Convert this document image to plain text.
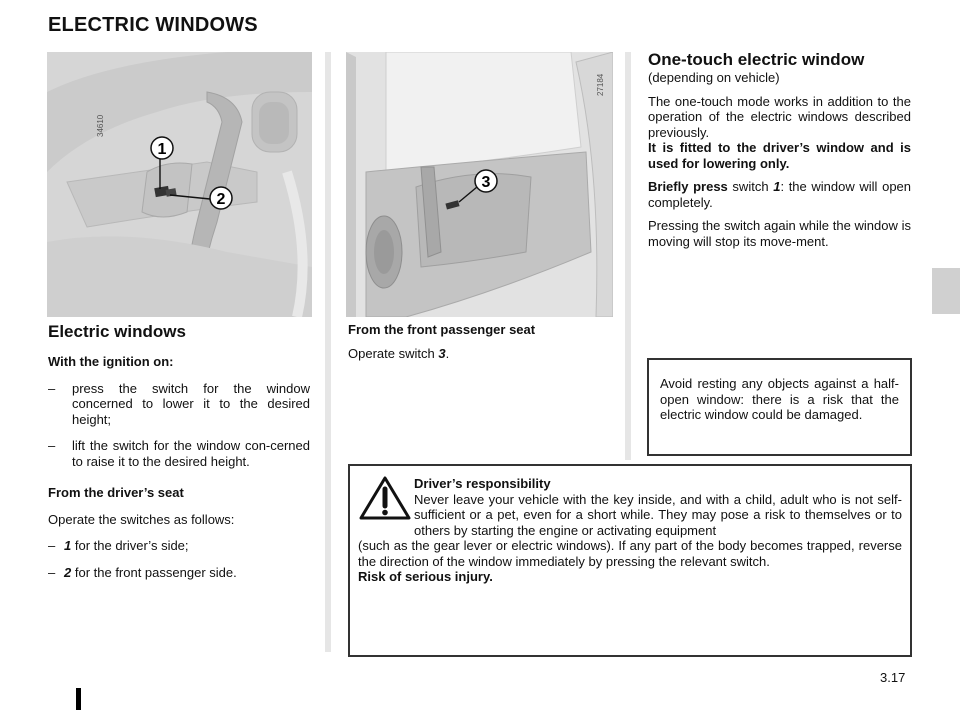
ELECTRIC WINDOWS
34610
1
2
3
27184
Electric windows

With the ignition on:

– press the switch for the window concerned to lower it to the desired height;
– lift the switch for the window con-cerned to raise it to the desired height.

From the driver’s seat

Operate the switches as follows:

– 1 for the driver’s side;
– 2 for the front passenger side.

From the front passenger seat

Operate switch 3.

One-touch electric window

(depending on vehicle)

The one-touch mode works in addition to the operation of the electric windows described previously.
It is fitted to the driver’s window and is used for lowering only.

Briefly press switch 1: the window will open completely.

Pressing the switch again while the window is moving will stop its move-ment.

Avoid resting any objects against a half-open window: there is a risk that the electric window could be damaged.

Driver’s responsibility

Never leave your vehicle with the key inside, and with a child, adult who is not self-sufficient or a pet, even for a short while. They may pose a risk to themselves or to others by starting the engine or activating equipment

(such as the gear lever or electric windows). If any part of the body becomes trapped, reverse the direction of the window immediately by pressing the relevant switch.

Risk of serious injury.

3.17
